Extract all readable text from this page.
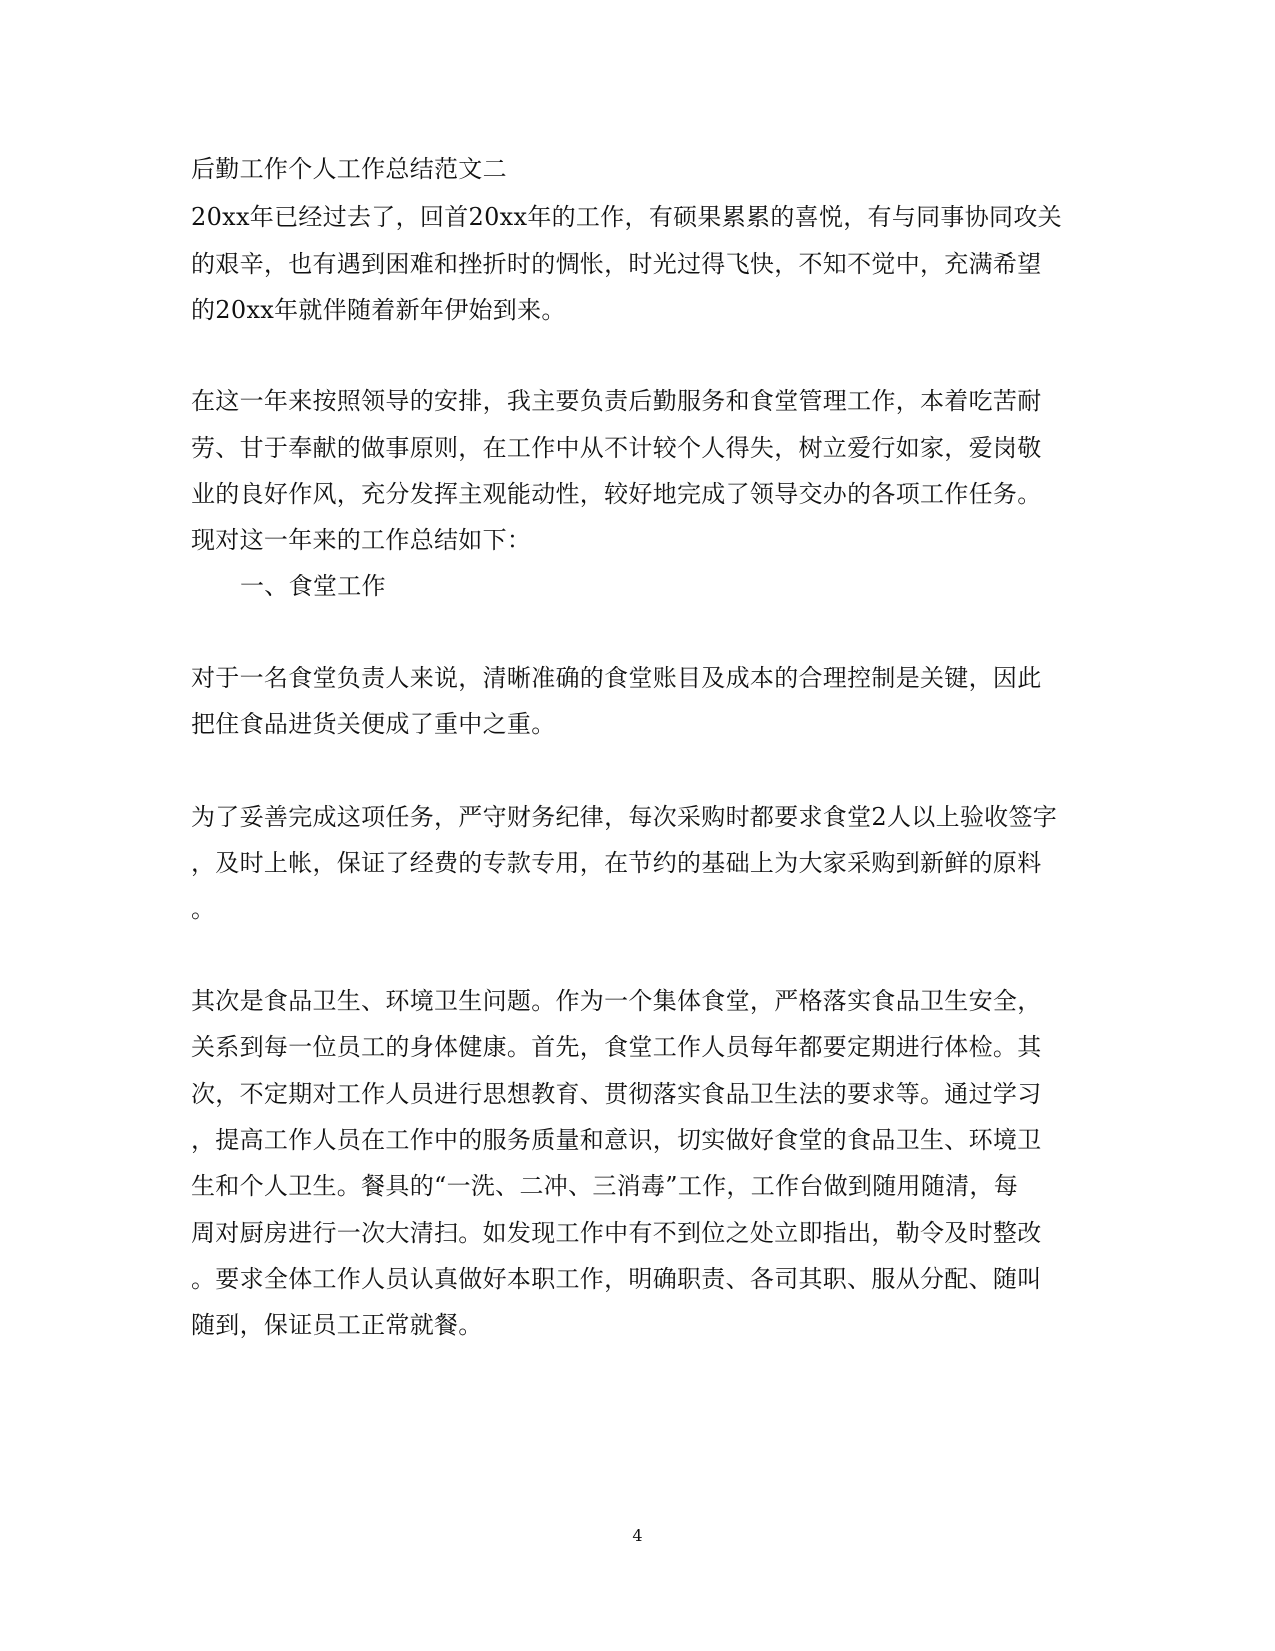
后勤工作个人工作总结范文二
20xx年已经过去了，回首20xx年的工作，有硕果累累的喜悦，有与同事协同攻关
的艰辛，也有遇到困难和挫折时的惆怅，时光过得飞快，不知不觉中，充满希望
的20xx年就伴随着新年伊始到来。
在这一年来按照领导的安排，我主要负责后勤服务和食堂管理工作，本着吃苦耐
劳、甘于奉献的做事原则，在工作中从不计较个人得失，树立爱行如家，爱岗敬
业的良好作风，充分发挥主观能动性，较好地完成了领导交办的各项工作任务。
现对这一年来的工作总结如下：
一、食堂工作
对于一名食堂负责人来说，清晰准确的食堂账目及成本的合理控制是关键，因此
把住食品进货关便成了重中之重。
为了妥善完成这项任务，严守财务纪律，每次采购时都要求食堂2人以上验收签字
，及时上帐，保证了经费的专款专用，在节约的基础上为大家采购到新鲜的原料
。
其次是食品卫生、环境卫生问题。作为一个集体食堂，严格落实食品卫生安全，
关系到每一位员工的身体健康。首先，食堂工作人员每年都要定期进行体检。其
次，不定期对工作人员进行思想教育、贯彻落实食品卫生法的要求等。通过学习
，提高工作人员在工作中的服务质量和意识，切实做好食堂的食品卫生、环境卫
生和个人卫生。餐具的“一洗、二冲、三消毒”工作，工作台做到随用随清，每
周对厨房进行一次大清扫。如发现工作中有不到位之处立即指出，勒令及时整改
。要求全体工作人员认真做好本职工作，明确职责、各司其职、服从分配、随叫
随到，保证员工正常就餐。
4
